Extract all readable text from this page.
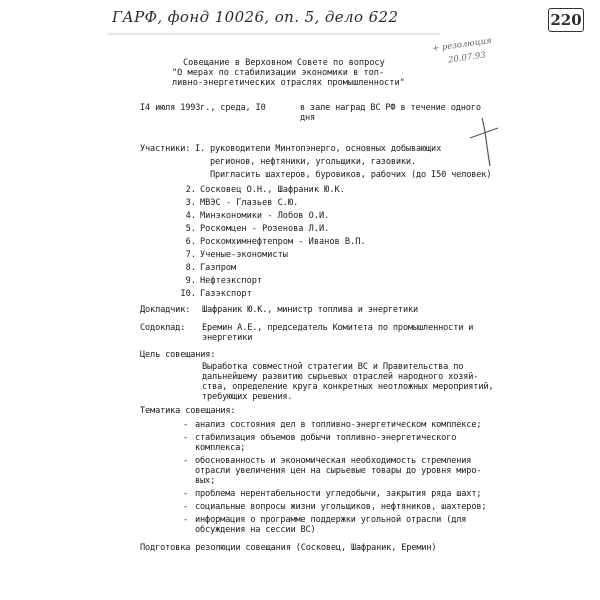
ГАРФ, фонд 10026, оп. 5, дело 622	220
+ резолюция
20.07.93
Совещание в Верховном Совете по вопросу
"О мерах по стабилизации экономики в топ-
ливно-энергетических отраслях промышленности"
I4 июля 1993г., среда, I0	в зале наград ВС РФ в течение одного
дня
Участники: I. руководители Минтопэнерго, основных добывающих
регионов, нефтяники, угольщики, газовики.
Пригласить шахтеров, буровиков, рабочих (до I50 человек)
2. Сосковец О.Н., Шафраник Ю.К.
3. МВЭС - Глазьев С.Ю.
4. Минэкономики - Лобов О.И.
5. Роскомцен - Розенова Л.И.
6. Роскомхимнефтепром - Иванов В.П.
7. Ученые-экономисты
8. Газпром
9. Нефтеэкспорт
I0. Газэкспорт
Докладчик: Шафраник Ю.К., министр топлива и энергетики
Содоклад: Еремин А.Е., председатель Комитета по промышленности и
энергетики
Цель совещания:
Выработка совместной стратегии ВС и Правительства по
дальнейшему развитию сырьевых отраслей народного хозяй-
ства, определение круга конкретных неотложных мероприятий,
требующих решения.
Тематика совещания:
- анализ состояния дел в топливно-энергетическом комплексе;
- стабилизация объемов добычи топливно-энергетического
комплекса;
- обоснованность и экономическая необходимость стремления
отрасли увеличения цен на сырьевые товары до уровня миро-
вых;
- проблема нерентабельности угледобычи, закрытия ряда шахт;
- социальные вопросы жизни угольщиков, нефтяников, шахтеров;
- информация о программе поддержки угольной отрасли (для
обсуждения на сессии ВС)
Подготовка резолюции совещания (Сосковец, Шафраник, Еремин)
